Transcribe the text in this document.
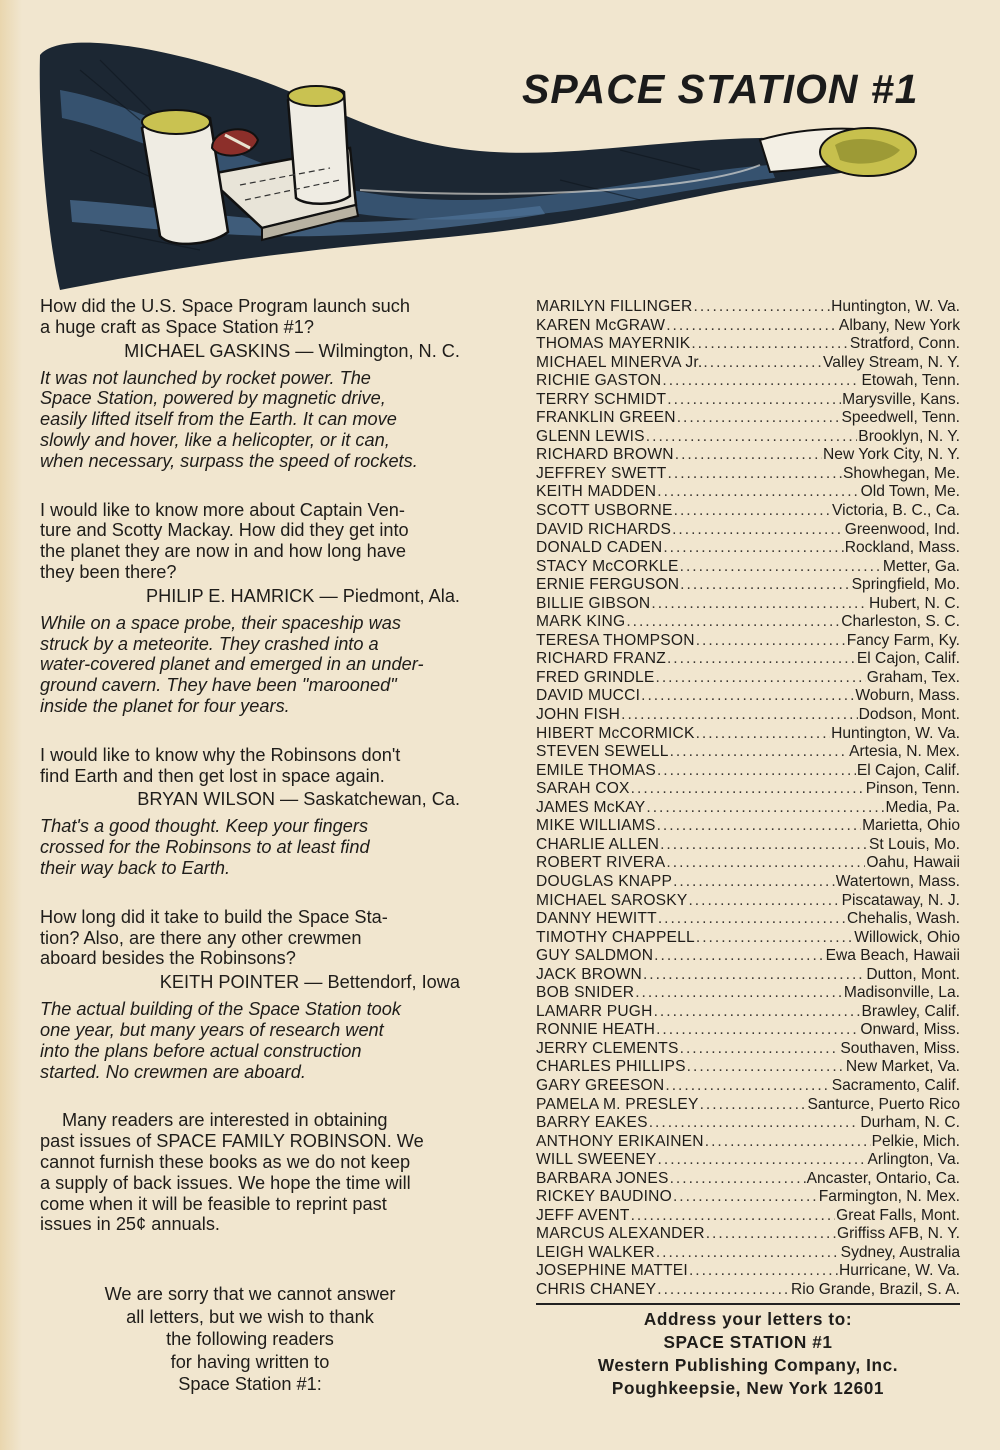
SPACE STATION #1

How did the U.S. Space Program launch such
a huge craft as Space Station #1?

MICHAEL GASKINS — Wilmington, N. C.

It was not launched by rocket power. The
Space Station, powered by magnetic drive,
easily lifted itself from the Earth. It can move
slowly and hover, like a helicopter, or it can,
when necessary, surpass the speed of rockets.

I would like to know more about Captain Ven-
ture and Scotty Mackay. How did they get into
the planet they are now in and how long have
they been there?

PHILIP E. HAMRICK — Piedmont, Ala.

While on a space probe, their spaceship was
struck by a meteorite. They crashed into a
water-covered planet and emerged in an under-
ground cavern. They have been "marooned"
inside the planet for four years.

I would like to know why the Robinsons don't
find Earth and then get lost in space again.

BRYAN WILSON — Saskatchewan, Ca.

That's a good thought. Keep your fingers
crossed for the Robinsons to at least find
their way back to Earth.

How long did it take to build the Space Sta-
tion? Also, are there any other crewmen
aboard besides the Robinsons?

KEITH POINTER — Bettendorf, Iowa

The actual building of the Space Station took
one year, but many years of research went
into the plans before actual construction
started. No crewmen are aboard.

Many readers are interested in obtaining
past issues of SPACE FAMILY ROBINSON. We
cannot furnish these books as we do not keep
a supply of back issues. We hope the time will
come when it will be feasible to reprint past
issues in 25¢ annuals.

We are sorry that we cannot answer
all letters, but we wish to thank
the following readers
for having written to
Space Station #1:
MARILYN FILLINGER .....	Huntington, W. Va.
KAREN McGRAW .....	Albany, New York
THOMAS MAYERNIK .....	Stratford, Conn.
MICHAEL MINERVA Jr. .....	Valley Stream, N. Y.
RICHIE GASTON .....	Etowah, Tenn.
TERRY SCHMIDT .....	Marysville, Kans.
FRANKLIN GREEN .....	Speedwell, Tenn.
GLENN LEWIS .....	Brooklyn, N. Y.
RICHARD BROWN .....	New York City, N. Y.
JEFFREY SWETT .....	Showhegan, Me.
KEITH MADDEN .....	Old Town, Me.
SCOTT USBORNE .....	Victoria, B. C., Ca.
DAVID RICHARDS .....	Greenwood, Ind.
DONALD CADEN .....	Rockland, Mass.
STACY McCORKLE .....	Metter, Ga.
ERNIE FERGUSON .....	Springfield, Mo.
BILLIE GIBSON .....	Hubert, N. C.
MARK KING .....	Charleston, S. C.
TERESA THOMPSON .....	Fancy Farm, Ky.
RICHARD FRANZ .....	El Cajon, Calif.
FRED GRINDLE .....	Graham, Tex.
DAVID MUCCI .....	Woburn, Mass.
JOHN FISH .....	Dodson, Mont.
HIBERT McCORMICK .....	Huntington, W. Va.
STEVEN SEWELL .....	Artesia, N. Mex.
EMILE THOMAS .....	El Cajon, Calif.
SARAH COX .....	Pinson, Tenn.
JAMES McKAY .....	Media, Pa.
MIKE WILLIAMS .....	Marietta, Ohio
CHARLIE ALLEN .....	St Louis, Mo.
ROBERT RIVERA .....	Oahu, Hawaii
DOUGLAS KNAPP .....	Watertown, Mass.
MICHAEL SAROSKY .....	Piscataway, N. J.
DANNY HEWITT .....	Chehalis, Wash.
TIMOTHY CHAPPELL .....	Willowick, Ohio
GUY SALDMON .....	Ewa Beach, Hawaii
JACK BROWN .....	Dutton, Mont.
BOB SNIDER .....	Madisonville, La.
LAMARR PUGH .....	Brawley, Calif.
RONNIE HEATH .....	Onward, Miss.
JERRY CLEMENTS .....	Southaven, Miss.
CHARLES PHILLIPS .....	New Market, Va.
GARY GREESON .....	Sacramento, Calif.
PAMELA M. PRESLEY .....	Santurce, Puerto Rico
BARRY EAKES .....	Durham, N. C.
ANTHONY ERIKAINEN .....	Pelkie, Mich.
WILL SWEENEY .....	Arlington, Va.
BARBARA JONES .....	Ancaster, Ontario, Ca.
RICKEY BAUDINO .....	Farmington, N. Mex.
JEFF AVENT .....	Great Falls, Mont.
MARCUS ALEXANDER .....	Griffiss AFB, N. Y.
LEIGH WALKER .....	Sydney, Australia
JOSEPHINE MATTEI .....	Hurricane, W. Va.
CHRIS CHANEY .....	Rio Grande, Brazil, S. A.
Address your letters to:
SPACE STATION #1
Western Publishing Company, Inc.
Poughkeepsie, New York 12601
